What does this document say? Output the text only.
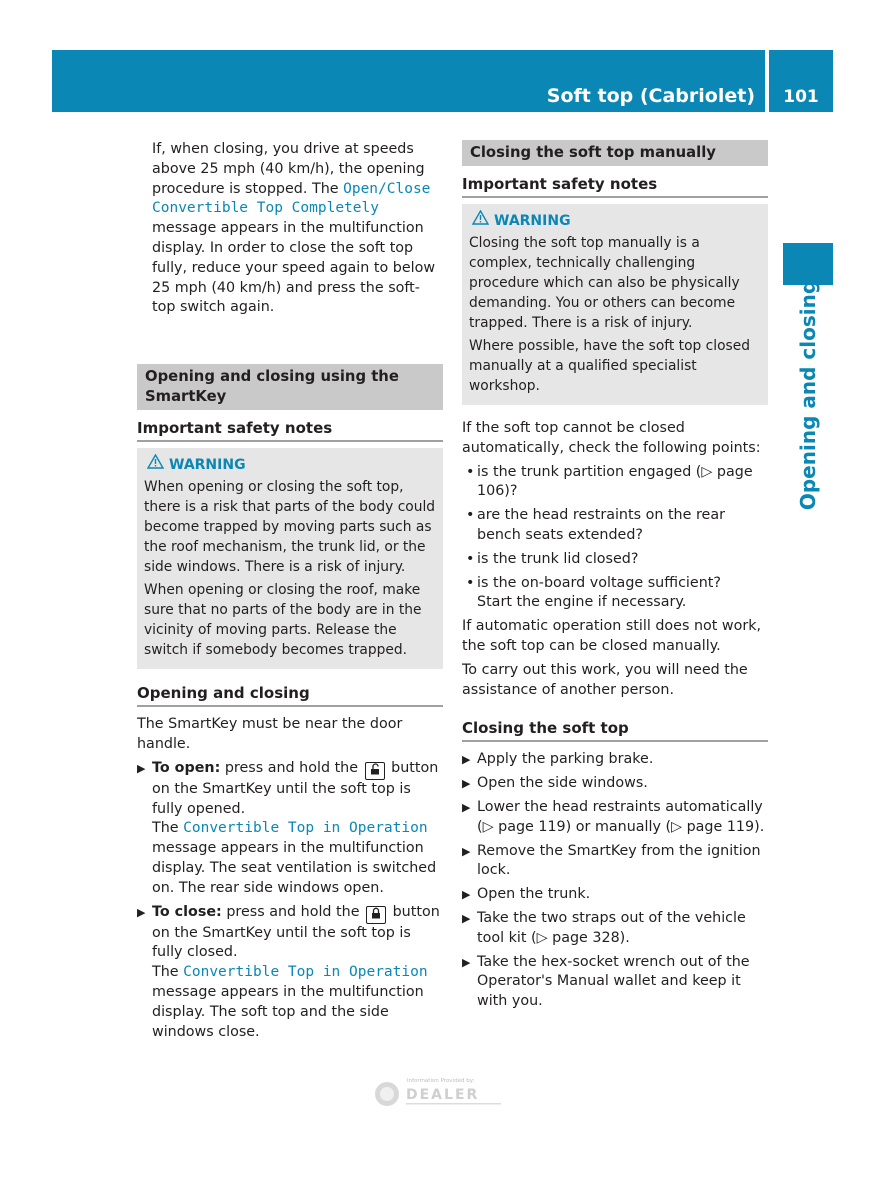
Soft top (Cabriolet)	101
Opening and closing

If, when closing, you drive at speeds above 25 mph (40 km/h), the opening procedure is stopped. The Open/Close Convertible Top Completely message appears in the multifunction display. In order to close the soft top fully, reduce your speed again to below 25 mph (40 km/h) and press the soft-top switch again.

Opening and closing using the SmartKey
Important safety notes
WARNING

When opening or closing the soft top, there is a risk that parts of the body could become trapped by moving parts such as the roof mechanism, the trunk lid, or the side windows. There is a risk of injury.

When opening or closing the roof, make sure that no parts of the body are in the vicinity of moving parts. Release the switch if somebody becomes trapped.

Opening and closing

The SmartKey must be near the door handle.

▶ To open: press and hold the  button on the SmartKey until the soft top is fully opened.
The Convertible Top in Operation message appears in the multifunction display. The seat ventilation is switched on. The rear side windows open.
▶ To close: press and hold the  button on the SmartKey until the soft top is fully closed.
The Convertible Top in Operation message appears in the multifunction display. The soft top and the side windows close.
Closing the soft top manually
Important safety notes
WARNING

Closing the soft top manually is a complex, technically challenging procedure which can also be physically demanding. You or others can become trapped. There is a risk of injury.

Where possible, have the soft top closed manually at a qualified specialist workshop.

If the soft top cannot be closed automatically, check the following points:

• is the trunk partition engaged (▷ page 106)?
• are the head restraints on the rear bench seats extended?
• is the trunk lid closed?
• is the on-board voltage sufficient?
Start the engine if necessary.

If automatic operation still does not work, the soft top can be closed manually.

To carry out this work, you will need the assistance of another person.

Closing the soft top
▶ Apply the parking brake.
▶ Open the side windows.
▶ Lower the head restraints automatically (▷ page 119) or manually (▷ page 119).
▶ Remove the SmartKey from the ignition lock.
▶ Open the trunk.
▶ Take the two straps out of the vehicle tool kit (▷ page 328).
▶ Take the hex-socket wrench out of the Operator's Manual wallet and keep it with you.
Information Provided by:
DEALER
